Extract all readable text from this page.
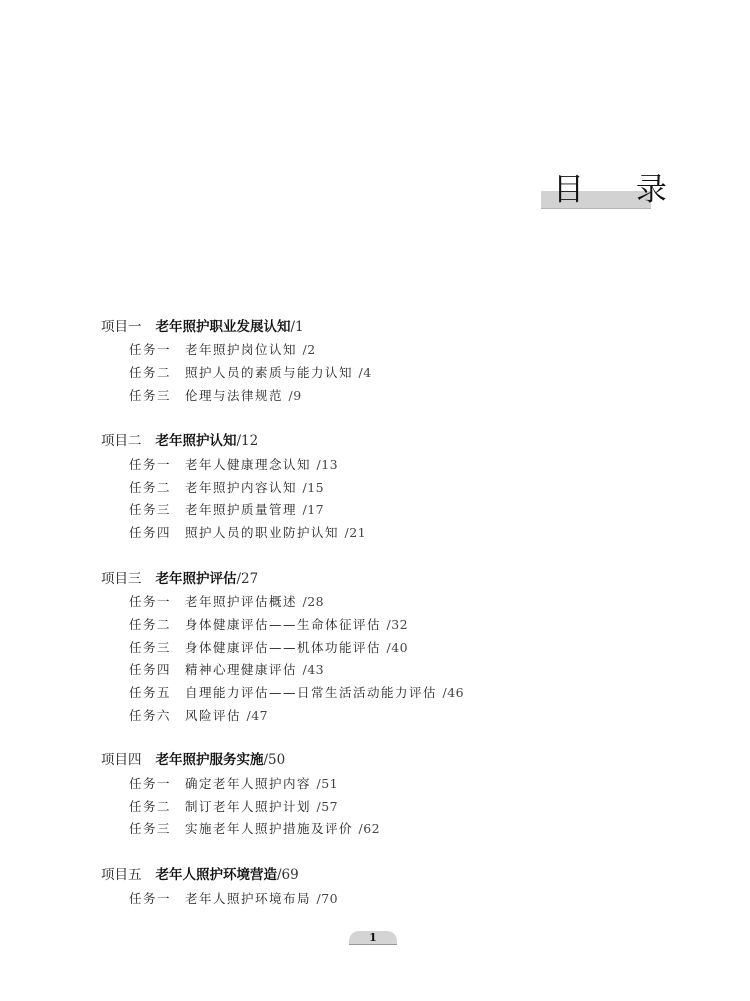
目 录
项目一 老年照护职业发展认知/1
任务一 老年照护岗位认知 /2
任务二 照护人员的素质与能力认知 /4
任务三 伦理与法律规范 /9
项目二 老年照护认知/12
任务一 老年人健康理念认知 /13
任务二 老年照护内容认知 /15
任务三 老年照护质量管理 /17
任务四 照护人员的职业防护认知 /21
项目三 老年照护评估/27
任务一 老年照护评估概述 /28
任务二 身体健康评估——生命体征评估 /32
任务三 身体健康评估——机体功能评估 /40
任务四 精神心理健康评估 /43
任务五 自理能力评估——日常生活活动能力评估 /46
任务六 风险评估 /47
项目四 老年照护服务实施/50
任务一 确定老年人照护内容 /51
任务二 制订老年人照护计划 /57
任务三 实施老年人照护措施及评价 /62
项目五 老年人照护环境营造/69
任务一 老年人照护环境布局 /70
1
